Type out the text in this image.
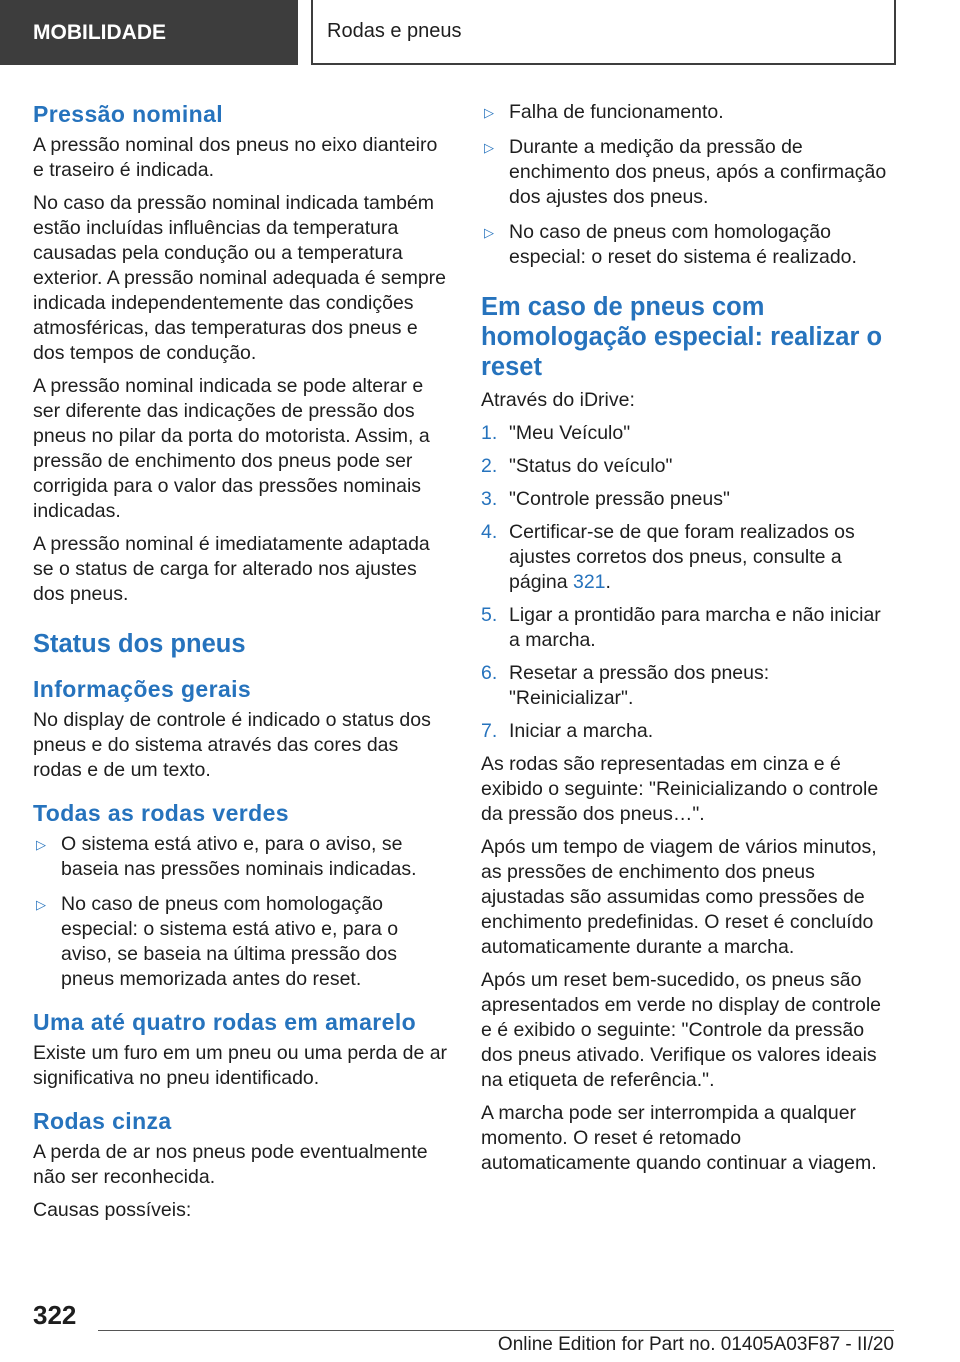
MOBILIDADE	Rodas e pneus
Pressão nominal

A pressão nominal dos pneus no eixo dianteiro e traseiro é indicada.

No caso da pressão nominal indicada também estão incluídas influências da temperatura causadas pela condução ou a temperatura exterior. A pressão nominal adequada é sempre indicada independentemente das condições atmosféricas, das temperaturas dos pneus e dos tempos de condução.

A pressão nominal indicada se pode alterar e ser diferente das indicações de pressão dos pneus no pilar da porta do motorista. Assim, a pressão de enchimento dos pneus pode ser corrigida para o valor das pressões nominais indicadas.

A pressão nominal é imediatamente adaptada se o status de carga for alterado nos ajustes dos pneus.

Status dos pneus
Informações gerais

No display de controle é indicado o status dos pneus e do sistema através das cores das rodas e de um texto.

Todas as rodas verdes
▷ O sistema está ativo e, para o aviso, se baseia nas pressões nominais indicadas.
▷ No caso de pneus com homologação especial: o sistema está ativo e, para o aviso, se baseia na última pressão dos pneus memorizada antes do reset.
Uma até quatro rodas em amarelo

Existe um furo em um pneu ou uma perda de ar significativa no pneu identificado.

Rodas cinza

A perda de ar nos pneus pode eventualmente não ser reconhecida.

Causas possíveis:

▷ Falha de funcionamento.
▷ Durante a medição da pressão de enchimento dos pneus, após a confirmação dos ajustes dos pneus.
▷ No caso de pneus com homologação especial: o reset do sistema é realizado.
Em caso de pneus com homologação especial: realizar o reset

Através do iDrive:

1. "Meu Veículo"
2. "Status do veículo"
3. "Controle pressão pneus"
4. Certificar-se de que foram realizados os ajustes corretos dos pneus, consulte a página 321.
5. Ligar a prontidão para marcha e não iniciar a marcha.
6. Resetar a pressão dos pneus: "Reinicializar".
7. Iniciar a marcha.

As rodas são representadas em cinza e é exibido o seguinte: "Reinicializando o controle da pressão dos pneus…".

Após um tempo de viagem de vários minutos, as pressões de enchimento dos pneus ajustadas são assumidas como pressões de enchimento predefinidas. O reset é concluído automaticamente durante a marcha.

Após um reset bem-sucedido, os pneus são apresentados em verde no display de controle e é exibido o seguinte: "Controle da pressão dos pneus ativado. Verifique os valores ideais na etiqueta de referência.".

A marcha pode ser interrompida a qualquer momento. O reset é retomado automaticamente quando continuar a viagem.

322
Online Edition for Part no. 01405A03F87 - II/20
